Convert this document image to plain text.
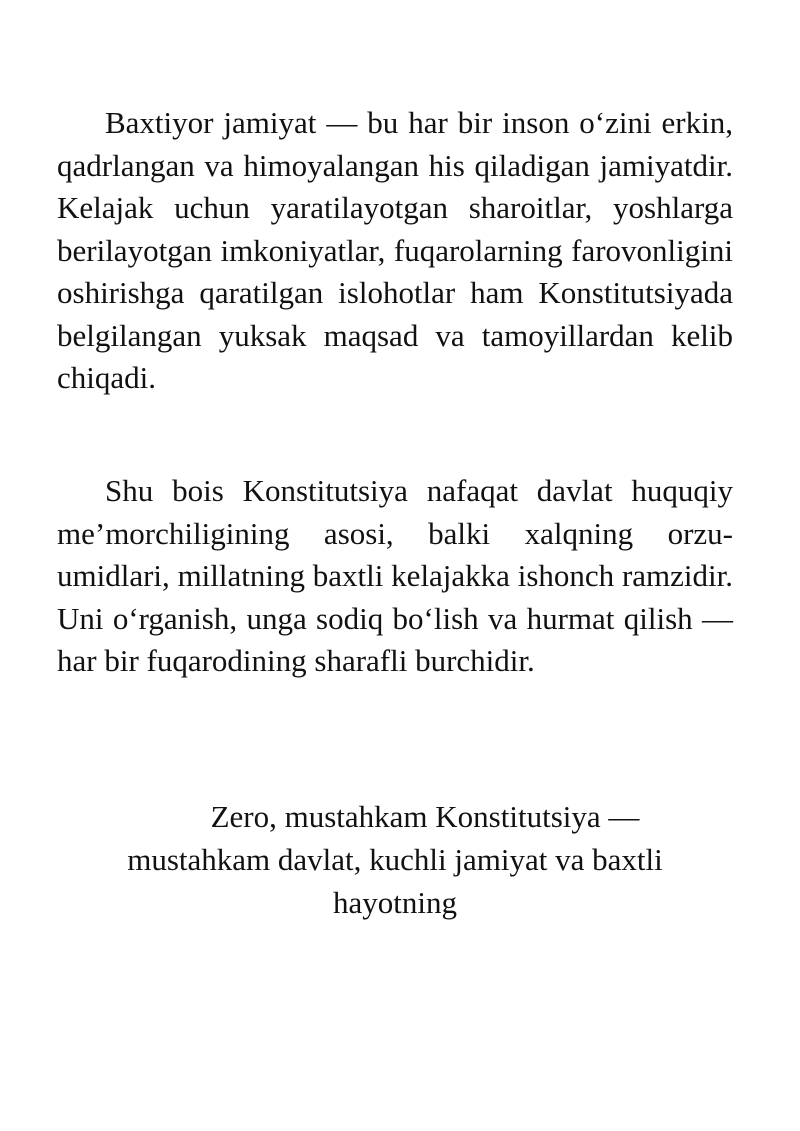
Baxtiyor jamiyat — bu har bir inson o‘zini erkin, qadrlangan va himoyalangan his qiladigan jamiyatdir. Kelajak uchun yaratilayotgan sharoitlar, yoshlarga berilayotgan imkoniyatlar, fuqarolarning farovonligini oshirishga qaratilgan islohotlar ham Konstitutsiyada belgilangan yuksak maqsad va tamoyillardan kelib chiqadi.

Shu bois Konstitutsiya nafaqat davlat huquqiy me’morchiligining asosi, balki xalqning orzu-umidlari, millatning baxtli kelajakka ishonch ramzidir. Uni o‘rganish, unga sodiq bo‘lish va hurmat qilish — har bir fuqarodining sharafli burchidir.

Zero, mustahkam Konstitutsiya —
mustahkam davlat, kuchli jamiyat va baxtli
hayotning
